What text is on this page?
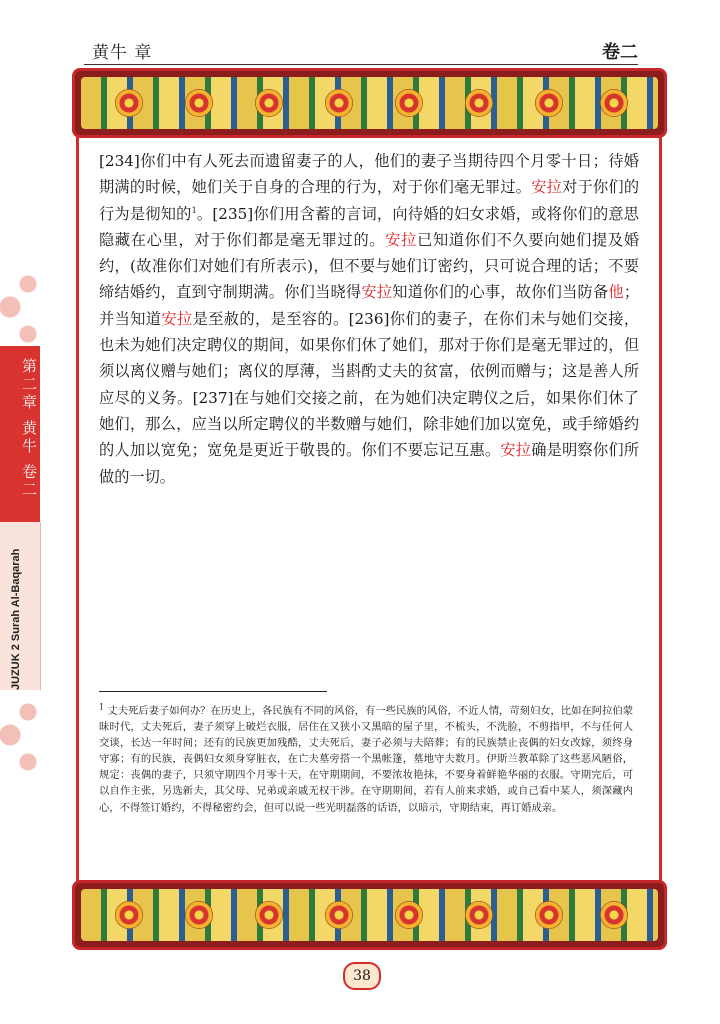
黄牛 章	卷二
第二章 黄牛 卷二
JUZUK 2 Surah Al-Baqarah

[234]你们中有人死去而遗留妻子的人，他们的妻子当期待四个月零十日；待婚期满的时候，她们关于自身的合理的行为，对于你们毫无罪过。安拉对于你们的行为是彻知的$^1$。[235]你们用含蓄的言词，向待婚的妇女求婚，或将你们的意思隐藏在心里，对于你们都是毫无罪过的。安拉已知道你们不久要向她们提及婚约，(故准你们对她们有所表示)，但不要与她们订密约，只可说合理的话；不要缔结婚约，直到守制期满。你们当晓得安拉知道你们的心事，故你们当防备他；并当知道安拉是至赦的，是至容的。[236]你们的妻子，在你们未与她们交接，也未为她们决定聘仪的期间，如果你们休了她们，那对于你们是毫无罪过的，但须以离仪赠与她们；离仪的厚薄，当斟酌丈夫的贫富，依例而赠与；这是善人所应尽的义务。[237]在与她们交接之前，在为她们决定聘仪之后，如果你们休了她们，那么，应当以所定聘仪的半数赠与她们，除非她们加以宽免，或手缔婚约的人加以宽免；宽免是更近于敬畏的。你们不要忘记互惠。安拉确是明察你们所做的一切。

$^1$ 丈夫死后妻子如何办？在历史上，各民族有不同的风俗，有一些民族的风俗，不近人情，苛刻妇女，比如在阿拉伯蒙昧时代，丈夫死后，妻子须穿上破烂衣服，居住在又狭小又黑暗的屋子里，不梳头，不洗脸，不剪指甲，不与任何人交谈，长达一年时间；还有的民族更加残酷，丈夫死后，妻子必须与夫陪葬；有的民族禁止丧偶的妇女改嫁，须终身守寡；有的民族，丧偶妇女须身穿脏衣，在亡夫墓旁搭一个黑帐篷，墓地守夫数月。伊斯兰教革除了这些恶风陋俗，规定：丧偶的妻子，只须守期四个月零十天，在守期期间，不要浓妆艳抹，不要身着鲜艳华丽的衣服。守期完后，可以自作主张，另选新夫，其父母、兄弟或亲戚无权干涉。在守期期间，若有人前来求婚，或自己看中某人，须深藏内心，不得签订婚约，不得秘密约会，但可以说一些光明磊落的话语，以暗示，守期结束，再订婚成亲。
38
